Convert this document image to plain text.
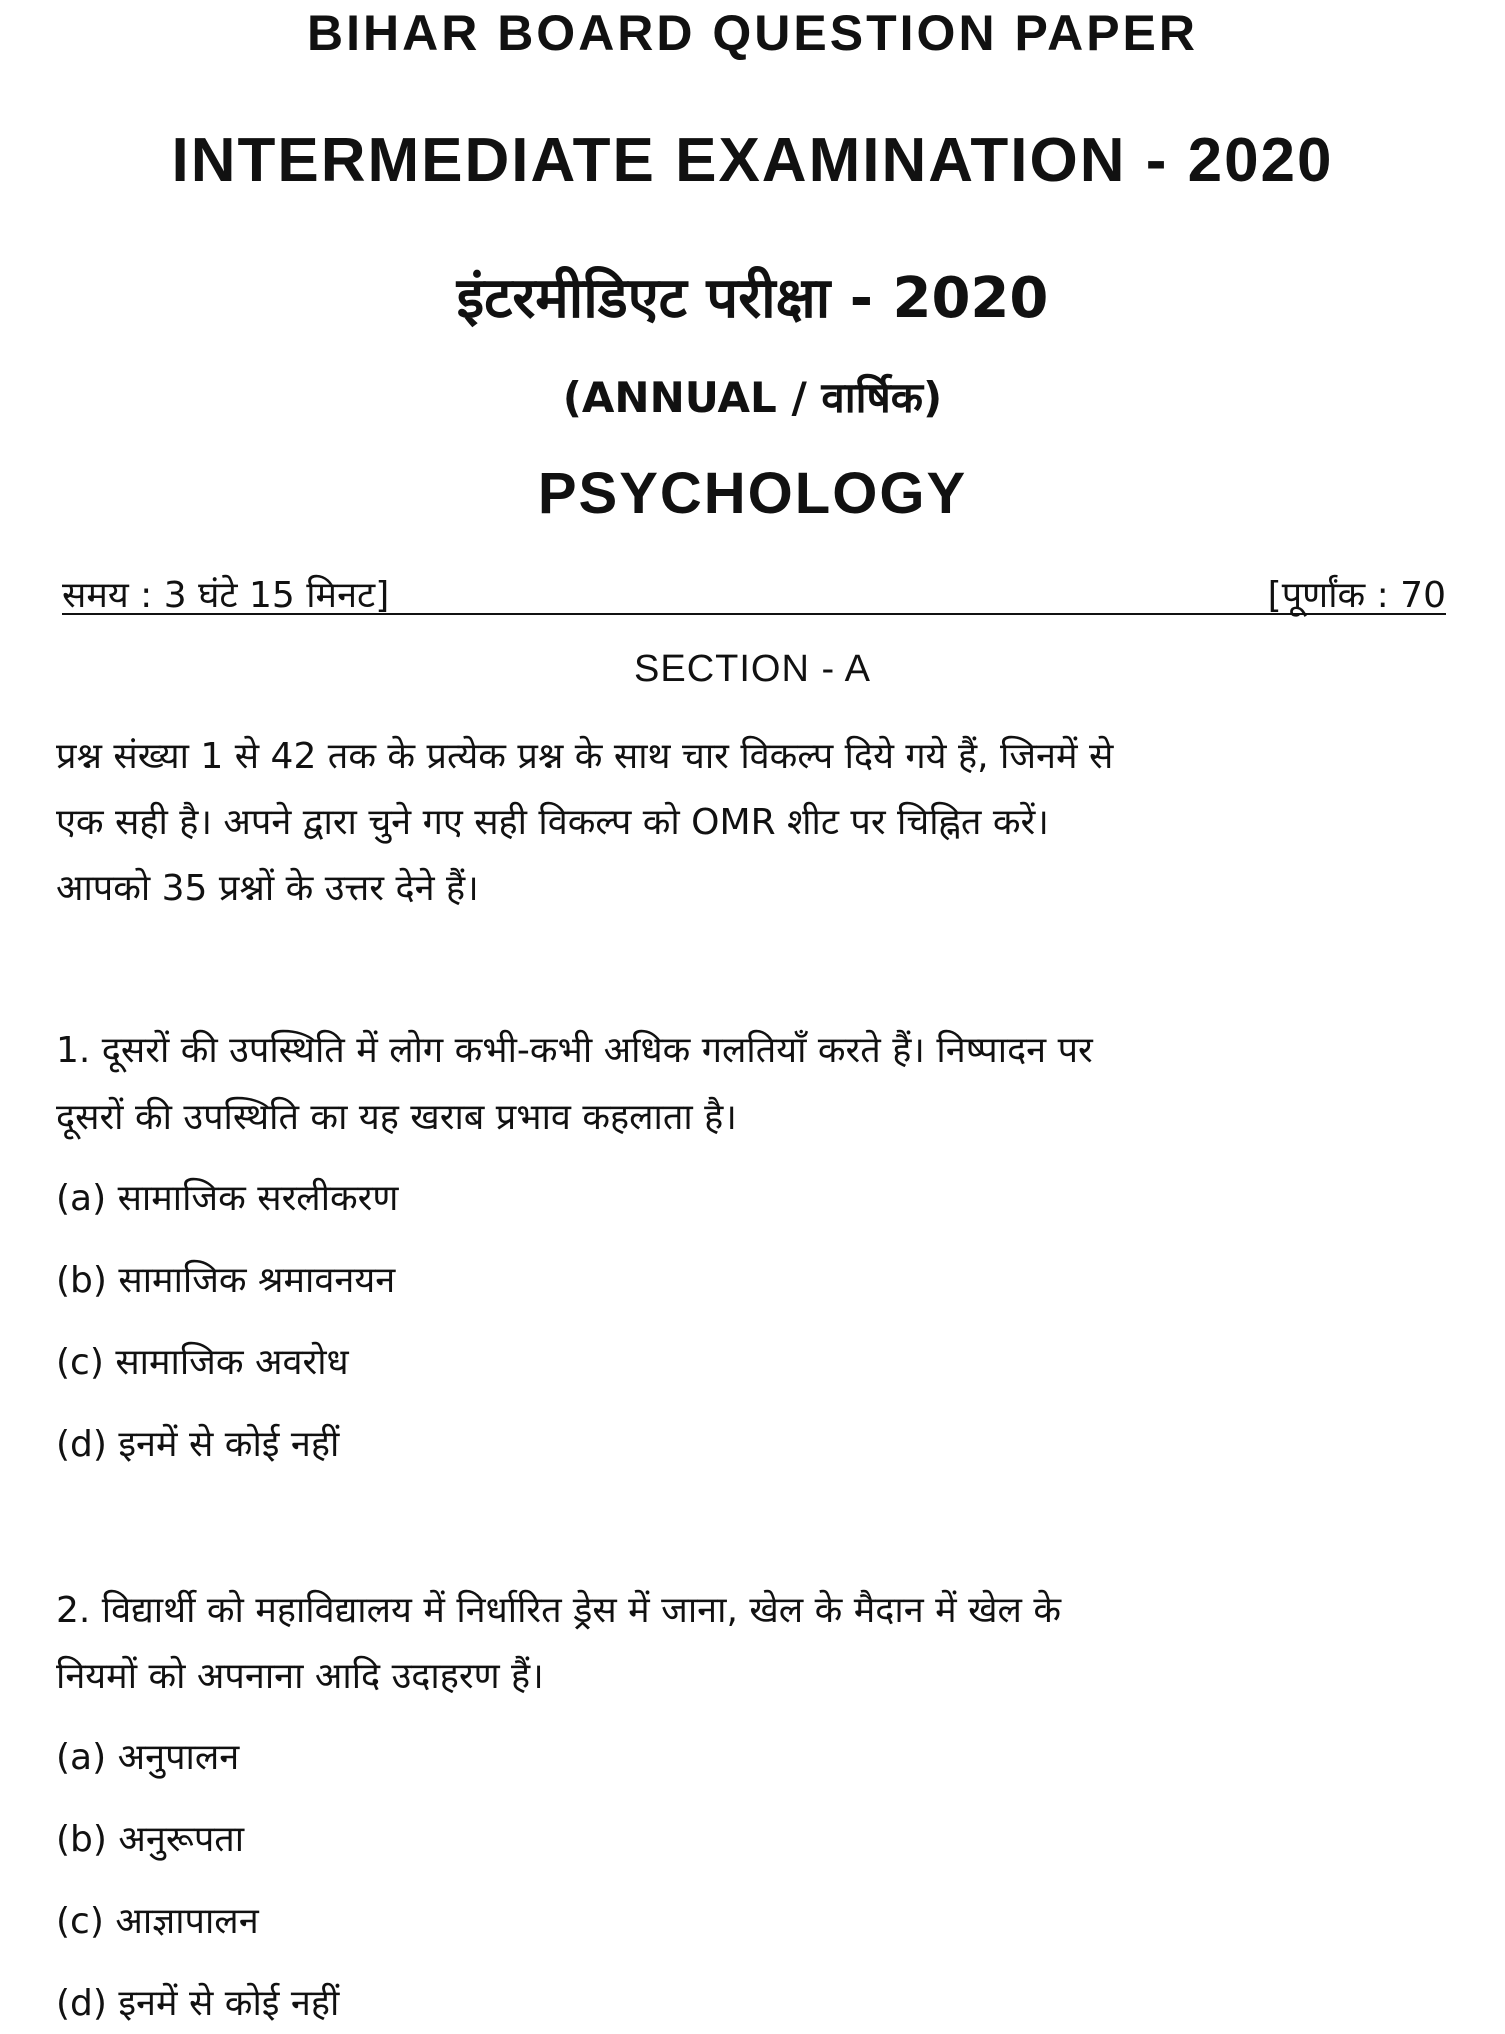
BIHAR BOARD QUESTION PAPER
INTERMEDIATE EXAMINATION - 2020
इंटरमीडिएट परीक्षा - 2020
(ANNUAL / वार्षिक)
PSYCHOLOGY
समय : 3 घंटे 15 मिनट]	[पूर्णांक : 70
SECTION - A
प्रश्न संख्या 1 से 42 तक के प्रत्येक प्रश्न के साथ चार विकल्प दिये गये हैं, जिनमें से
एक सही है। अपने द्वारा चुने गए सही विकल्प को OMR शीट पर चिह्नित करें।
आपको 35 प्रश्नों के उत्तर देने हैं।
1. दूसरों की उपस्थिति में लोग कभी-कभी अधिक गलतियाँ करते हैं। निष्पादन पर
दूसरों की उपस्थिति का यह खराब प्रभाव कहलाता है।
(a) सामाजिक सरलीकरण
(b) सामाजिक श्रमावनयन
(c) सामाजिक अवरोध
(d) इनमें से कोई नहीं
2. विद्यार्थी को महाविद्यालय में निर्धारित ड्रेस में जाना, खेल के मैदान में खेल के
नियमों को अपनाना आदि उदाहरण हैं।
(a) अनुपालन
(b) अनुरूपता
(c) आज्ञापालन
(d) इनमें से कोई नहीं
